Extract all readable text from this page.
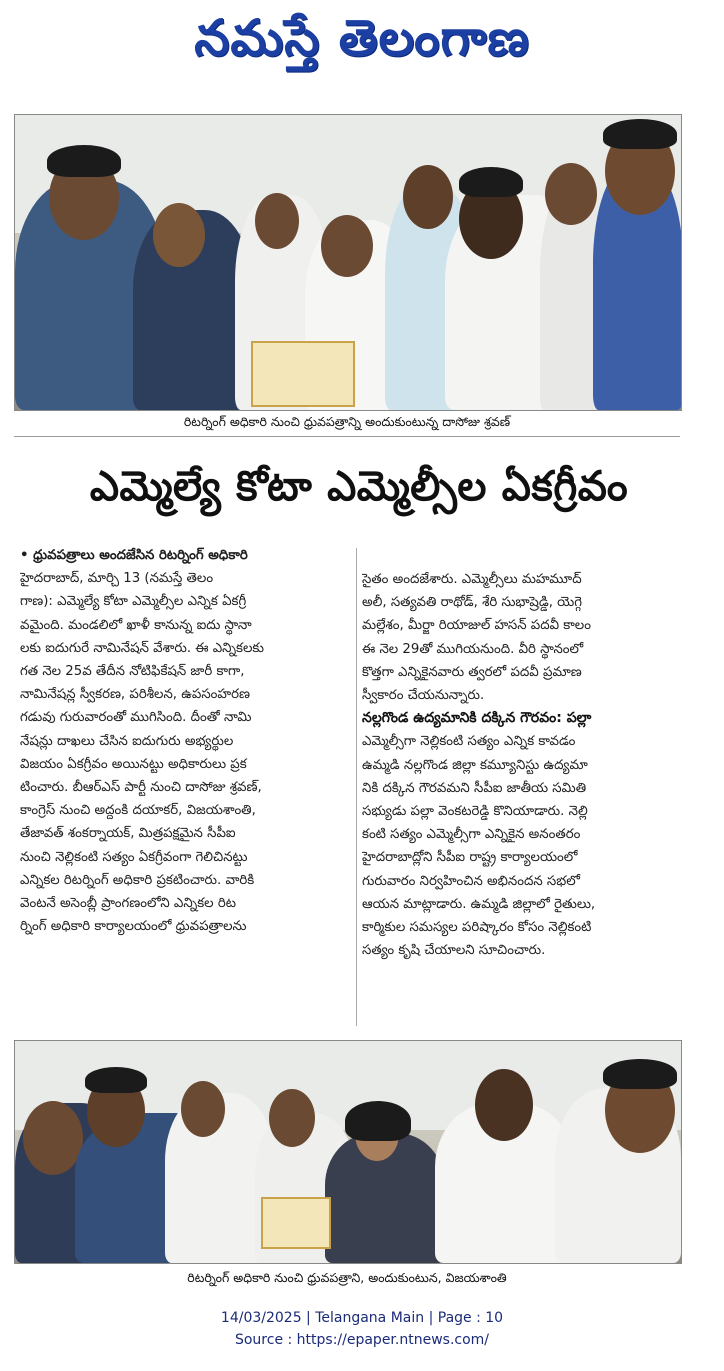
నమస్తే తెలంగాణ
రిటర్నింగ్ అధికారి నుంచి ధ్రువపత్రాన్ని అందుకుంటున్న దాసోజు శ్రవణ్
ఎమ్మెల్యే కోటా ఎమ్మెల్సీల ఏకగ్రీవం

• ధ్రువపత్రాలు అందజేసిన రిటర్నింగ్ అధికారి

హైదరాబాద్, మార్చి 13 (నమస్తే తెలం

గాణ): ఎమ్మెల్యే కోటా ఎమ్మెల్సీల ఎన్నిక ఏకగ్రీ

వమైంది. మండలిలో ఖాళీ కానున్న ఐదు స్థానా

లకు ఐదుగురే నామినేషన్ వేశారు. ఈ ఎన్నికలకు

గత నెల 25వ తేదీన నోటిఫికేషన్ జారీ కాగా,

నామినేషన్ల స్వీకరణ, పరిశీలన, ఉపసంహరణ

గడువు గురువారంతో ముగిసింది. దీంతో నామి

నేషన్లు దాఖలు చేసిన ఐదుగురు అభ్యర్థుల

విజయం ఏకగ్రీవం అయినట్టు అధికారులు ప్రక

టించారు. బీఆర్ఎస్ పార్టీ నుంచి దాసోజు శ్రవణ్,

కాంగ్రెస్ నుంచి అద్దంకి దయాకర్, విజయశాంతి,

తేజావత్ శంకర్నాయక్, మిత్రపక్షమైన సీపీఐ

నుంచి నెల్లికంటి సత్యం ఏకగ్రీవంగా గెలిచినట్టు

ఎన్నికల రిటర్నింగ్ అధికారి ప్రకటించారు. వారికి

వెంటనే అసెంబ్లీ ప్రాంగణంలోని ఎన్నికల రిట

ర్నింగ్ అధికారి కార్యాలయంలో ధ్రువపత్రాలను

సైతం అందజేశారు. ఎమ్మెల్సీలు మహమూద్

అలీ, సత్యవతి రాథోడ్, శేరి సుభాష్రెడ్డి, యెగ్గె

మల్లేశం, మీర్జా రియాజుల్ హసన్ పదవీ కాలం

ఈ నెల 29తో ముగియనుంది. వీరి స్థానంలో

కొత్తగా ఎన్నికైనవారు త్వరలో పదవీ ప్రమాణ

స్వీకారం చేయనున్నారు.

నల్లగొండ ఉద్యమానికి దక్కిన గౌరవం: పల్లా

ఎమ్మెల్సీగా నెల్లికంటి సత్యం ఎన్నిక కావడం

ఉమ్మడి నల్లగొండ జిల్లా కమ్యూనిస్టు ఉద్యమా

నికి దక్కిన గౌరవమని సీపీఐ జాతీయ సమితి

సభ్యుడు పల్లా వెంకటరెడ్డి కొనియాడారు. నెల్లి

కంటి సత్యం ఎమ్మెల్సీగా ఎన్నికైన అనంతరం

హైదరాబాద్లోని సీపీఐ రాష్ట్ర కార్యాలయంలో

గురువారం నిర్వహించిన అభినందన సభలో

ఆయన మాట్లాడారు. ఉమ్మడి జిల్లాలో రైతులు,

కార్మికుల సమస్యల పరిష్కారం కోసం నెల్లికంటి

సత్యం కృషి చేయాలని సూచించారు.

రిటర్నింగ్ అధికారి నుంచి ధ్రువపత్రాని, అందుకుంటున, విజయశాంతి
14/03/2025 | Telangana Main | Page : 10
Source : https://epaper.ntnews.com/
